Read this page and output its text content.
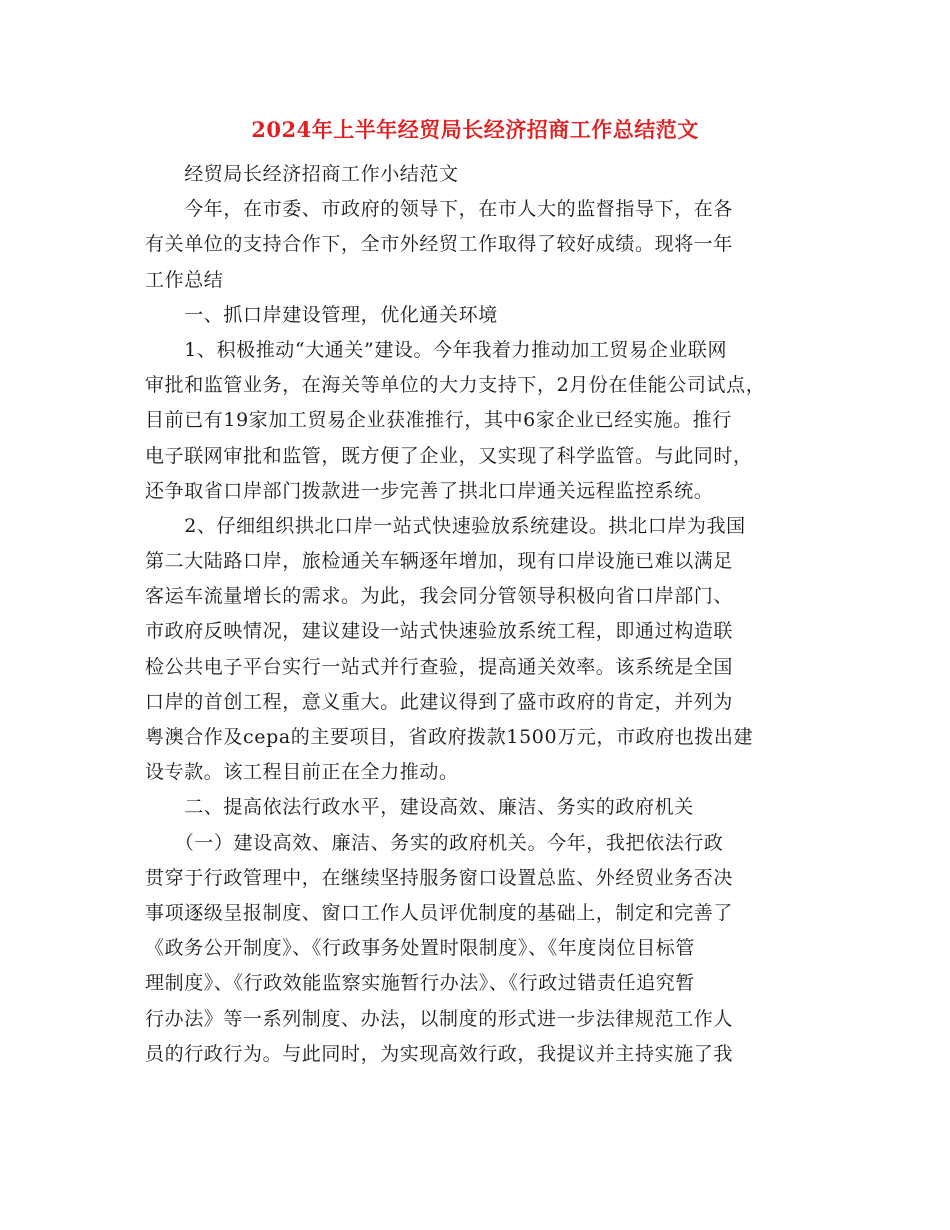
2024年上半年经贸局长经济招商工作总结范文
　　经贸局长经济招商工作小结范文
　　今年，在市委、市政府的领导下，在市人大的监督指导下，在各
有关单位的支持合作下，全市外经贸工作取得了较好成绩。现将一年
工作总结
　　一、抓口岸建设管理，优化通关环境
　　1、积极推动“大通关”建设。今年我着力推动加工贸易企业联网
审批和监管业务，在海关等单位的大力支持下，2月份在佳能公司试点，
目前已有19家加工贸易企业获准推行，其中6家企业已经实施。推行
电子联网审批和监管，既方便了企业，又实现了科学监管。与此同时，
还争取省口岸部门拨款进一步完善了拱北口岸通关远程监控系统。
　　2、仔细组织拱北口岸一站式快速验放系统建设。拱北口岸为我国
第二大陆路口岸，旅检通关车辆逐年增加，现有口岸设施已难以满足
客运车流量增长的需求。为此，我会同分管领导积极向省口岸部门、
市政府反映情况，建议建设一站式快速验放系统工程，即通过构造联
检公共电子平台实行一站式并行查验，提高通关效率。该系统是全国
口岸的首创工程，意义重大。此建议得到了盛市政府的肯定，并列为
粤澳合作及cepa的主要项目，省政府拨款1500万元，市政府也拨出建
设专款。该工程目前正在全力推动。
　　二、提高依法行政水平，建设高效、廉洁、务实的政府机关
　　（一）建设高效、廉洁、务实的政府机关。今年，我把依法行政
贯穿于行政管理中，在继续坚持服务窗口设置总监、外经贸业务否决
事项逐级呈报制度、窗口工作人员评优制度的基础上，制定和完善了
《政务公开制度》、《行政事务处置时限制度》、《年度岗位目标管
理制度》、《行政效能监察实施暂行办法》、《行政过错责任追究暂
行办法》等一系列制度、办法，以制度的形式进一步法律规范工作人
员的行政行为。与此同时，为实现高效行政，我提议并主持实施了我
